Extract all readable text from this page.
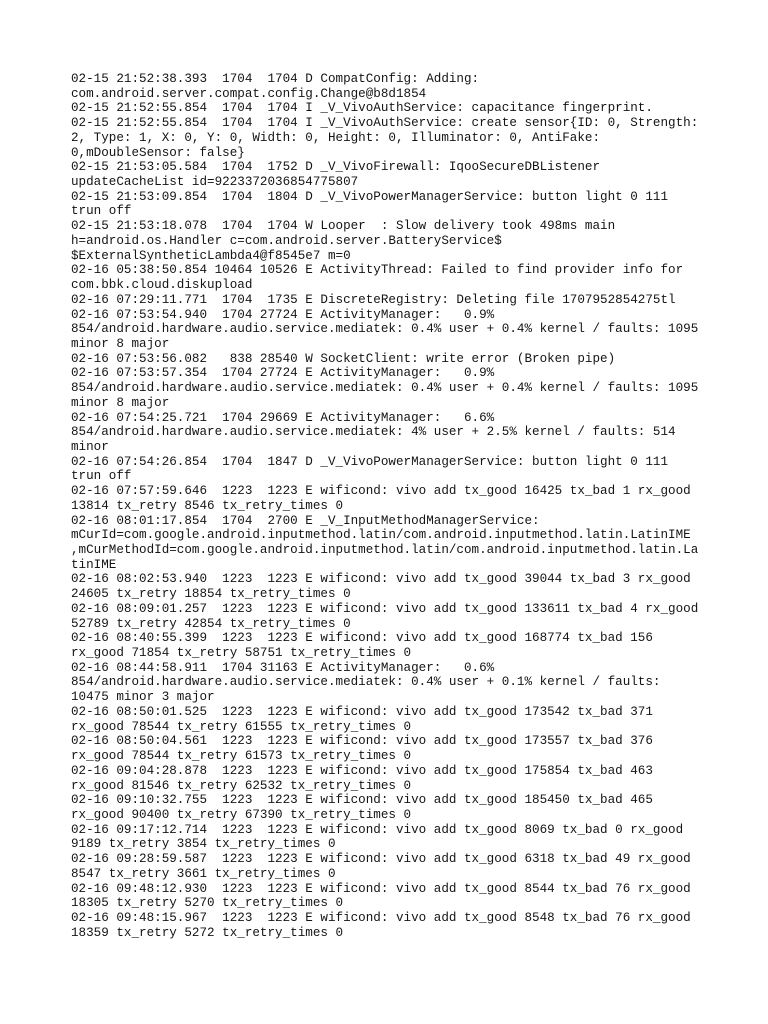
02-15 21:52:38.393  1704  1704 D CompatConfig: Adding:
com.android.server.compat.config.Change@b8d1854
02-15 21:52:55.854  1704  1704 I _V_VivoAuthService: capacitance fingerprint.
02-15 21:52:55.854  1704  1704 I _V_VivoAuthService: create sensor{ID: 0, Strength:
2, Type: 1, X: 0, Y: 0, Width: 0, Height: 0, Illuminator: 0, AntiFake:
0,mDoubleSensor: false}
02-15 21:53:05.584  1704  1752 D _V_VivoFirewall: IqooSecureDBListener
updateCacheList id=9223372036854775807
02-15 21:53:09.854  1704  1804 D _V_VivoPowerManagerService: button light 0 111
trun off
02-15 21:53:18.078  1704  1704 W Looper  : Slow delivery took 498ms main
h=android.os.Handler c=com.android.server.BatteryService$
$ExternalSyntheticLambda4@f8545e7 m=0
02-16 05:38:50.854 10464 10526 E ActivityThread: Failed to find provider info for
com.bbk.cloud.diskupload
02-16 07:29:11.771  1704  1735 E DiscreteRegistry: Deleting file 1707952854275tl
02-16 07:53:54.940  1704 27724 E ActivityManager:   0.9%
854/android.hardware.audio.service.mediatek: 0.4% user + 0.4% kernel / faults: 1095
minor 8 major
02-16 07:53:56.082   838 28540 W SocketClient: write error (Broken pipe)
02-16 07:53:57.354  1704 27724 E ActivityManager:   0.9%
854/android.hardware.audio.service.mediatek: 0.4% user + 0.4% kernel / faults: 1095
minor 8 major
02-16 07:54:25.721  1704 29669 E ActivityManager:   6.6%
854/android.hardware.audio.service.mediatek: 4% user + 2.5% kernel / faults: 514
minor
02-16 07:54:26.854  1704  1847 D _V_VivoPowerManagerService: button light 0 111
trun off
02-16 07:57:59.646  1223  1223 E wificond: vivo add tx_good 16425 tx_bad 1 rx_good
13814 tx_retry 8546 tx_retry_times 0
02-16 08:01:17.854  1704  2700 E _V_InputMethodManagerService:
mCurId=com.google.android.inputmethod.latin/com.android.inputmethod.latin.LatinIME
,mCurMethodId=com.google.android.inputmethod.latin/com.android.inputmethod.latin.La
tinIME
02-16 08:02:53.940  1223  1223 E wificond: vivo add tx_good 39044 tx_bad 3 rx_good
24605 tx_retry 18854 tx_retry_times 0
02-16 08:09:01.257  1223  1223 E wificond: vivo add tx_good 133611 tx_bad 4 rx_good
52789 tx_retry 42854 tx_retry_times 0
02-16 08:40:55.399  1223  1223 E wificond: vivo add tx_good 168774 tx_bad 156
rx_good 71854 tx_retry 58751 tx_retry_times 0
02-16 08:44:58.911  1704 31163 E ActivityManager:   0.6%
854/android.hardware.audio.service.mediatek: 0.4% user + 0.1% kernel / faults:
10475 minor 3 major
02-16 08:50:01.525  1223  1223 E wificond: vivo add tx_good 173542 tx_bad 371
rx_good 78544 tx_retry 61555 tx_retry_times 0
02-16 08:50:04.561  1223  1223 E wificond: vivo add tx_good 173557 tx_bad 376
rx_good 78544 tx_retry 61573 tx_retry_times 0
02-16 09:04:28.878  1223  1223 E wificond: vivo add tx_good 175854 tx_bad 463
rx_good 81546 tx_retry 62532 tx_retry_times 0
02-16 09:10:32.755  1223  1223 E wificond: vivo add tx_good 185450 tx_bad 465
rx_good 90400 tx_retry 67390 tx_retry_times 0
02-16 09:17:12.714  1223  1223 E wificond: vivo add tx_good 8069 tx_bad 0 rx_good
9189 tx_retry 3854 tx_retry_times 0
02-16 09:28:59.587  1223  1223 E wificond: vivo add tx_good 6318 tx_bad 49 rx_good
8547 tx_retry 3661 tx_retry_times 0
02-16 09:48:12.930  1223  1223 E wificond: vivo add tx_good 8544 tx_bad 76 rx_good
18305 tx_retry 5270 tx_retry_times 0
02-16 09:48:15.967  1223  1223 E wificond: vivo add tx_good 8548 tx_bad 76 rx_good
18359 tx_retry 5272 tx_retry_times 0
